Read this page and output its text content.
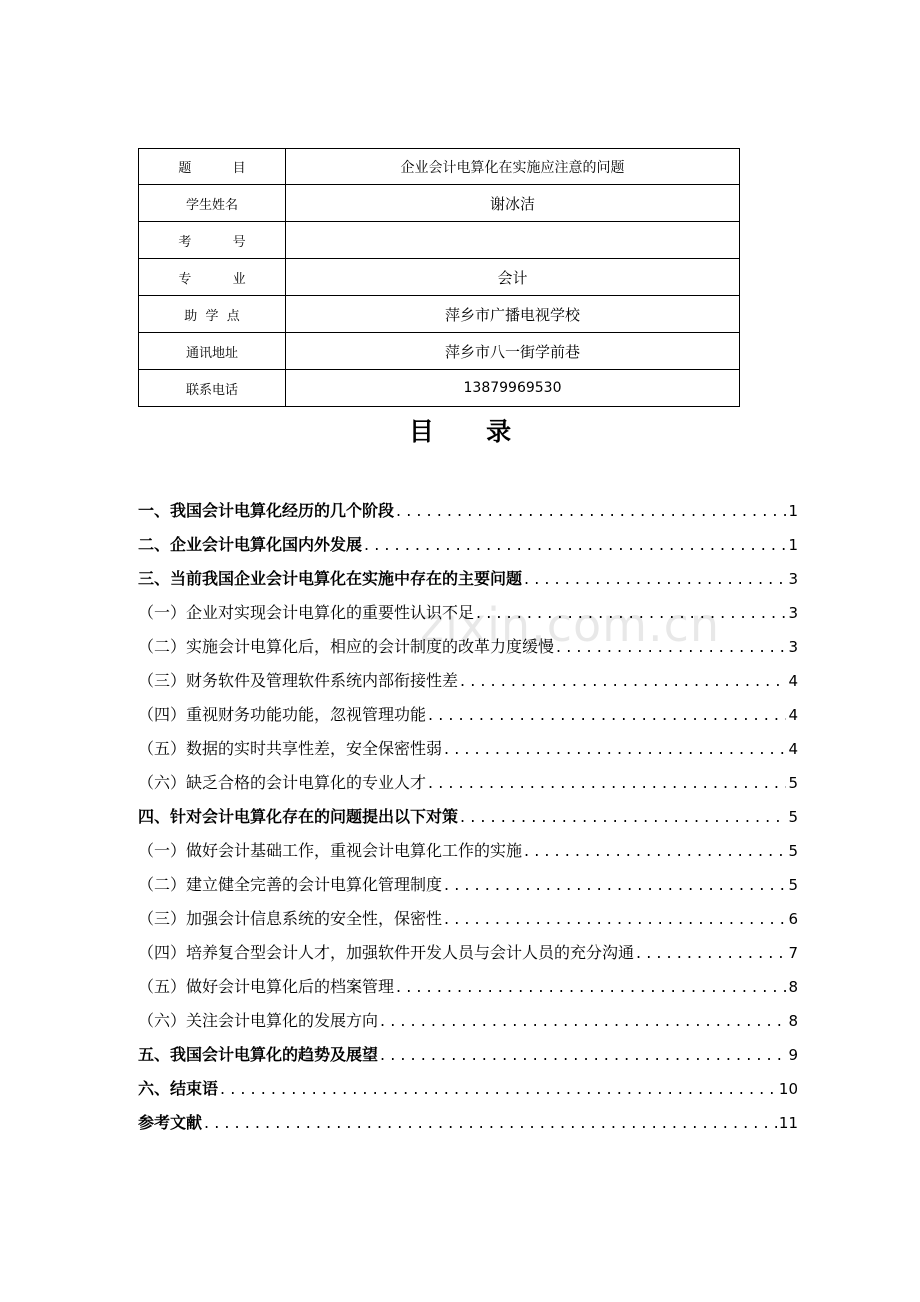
题          目	企业会计电算化在实施应注意的问题
学生姓名	谢冰洁
考          号	
专          业	会计
助  学  点	萍乡市广播电视学校
通讯地址	萍乡市八一街学前巷
联系电话	13879969530
目      录
zixin.com.cn
一、我国会计电算化经历的几个阶段 . . .	1
二、企业会计电算化国内外发展 . . .	1
三、当前我国企业会计电算化在实施中存在的主要问题 . . .	3
（一）企业对实现会计电算化的重要性认识不足 . . .	3
（二）实施会计电算化后，相应的会计制度的改革力度缓慢 . . .	3
（三）财务软件及管理软件系统内部衔接性差 . . .	4
（四）重视财务功能功能，忽视管理功能 . . .	4
（五）数据的实时共享性差，安全保密性弱 . . .	4
（六）缺乏合格的会计电算化的专业人才 . . .	5
四、针对会计电算化存在的问题提出以下对策 . . .	5
（一）做好会计基础工作，重视会计电算化工作的实施 . . .	5
（二）建立健全完善的会计电算化管理制度 . . .	5
（三）加强会计信息系统的安全性，保密性 . . .	6
（四）培养复合型会计人才，加强软件开发人员与会计人员的充分沟通 . . .	7
（五）做好会计电算化后的档案管理 . . .	8
（六）关注会计电算化的发展方向 . . .	8
五、我国会计电算化的趋势及展望 . . .	9
六、结束语 . . .	10
参考文献 . . .	11
